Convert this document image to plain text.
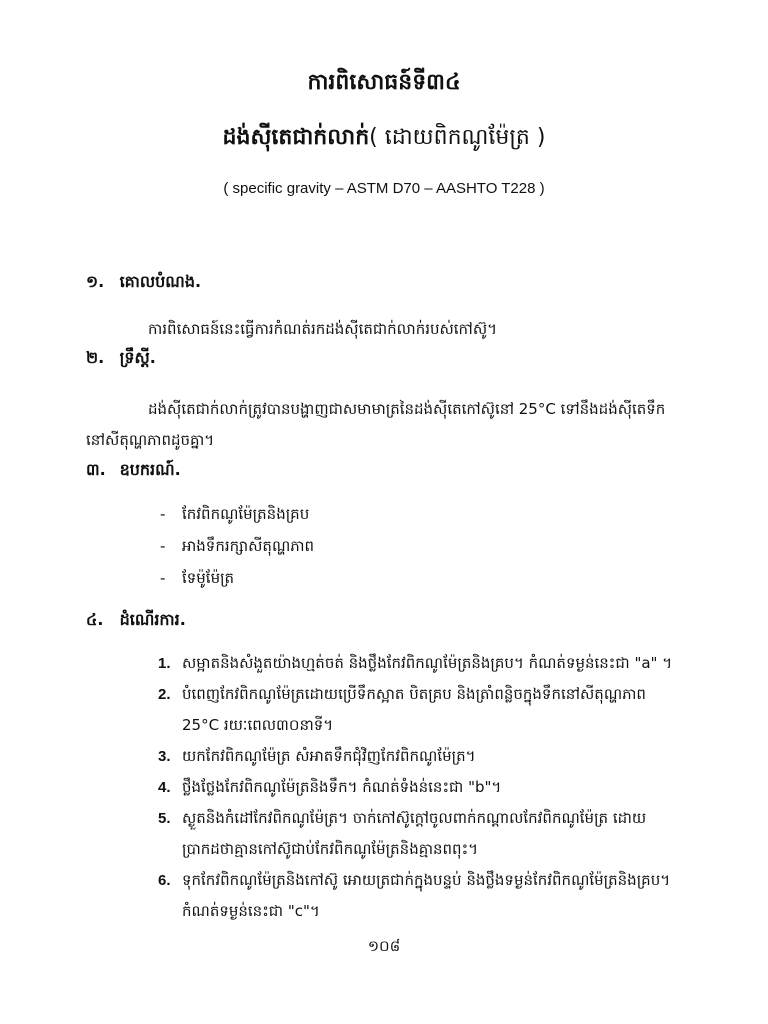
ការពិសោធន៍ទី៣៤
ដង់ស៊ីតេជាក់លាក់( ដោយពិកណូម៉ែត្រ )
( specific gravity – ASTM D70 – AASHTO T228 )
១. គោលបំណង.
ការពិសោធន៍នេះធ្វើការកំណត់រកដង់ស៊ីតេជាក់លាក់របស់កៅស៊ូ។
២. ទ្រឹស្តី.
ដង់ស៊ីតេជាក់លាក់ត្រូវបានបង្ហាញជាសមាមាត្រនៃដង់ស៊ីតេកៅស៊ូនៅ 25°C ទៅនឹងដង់ស៊ីតេទឹកនៅសីតុណ្ហភាពដូចគ្នា។
៣. ឧបករណ៍.
- កែវពិកណូម៉ែត្រនិងគ្រប
- អាងទឹករក្សាសីតុណ្ហភាព
- ទែម៉ូម៉ែត្រ
៤. ដំណើរការ.
1. សម្អាតនិងសំងួតយ៉ាងហ្មត់ចត់ និងថ្លឹងកែវពិកណូម៉ែត្រនិងគ្រប។ កំណត់ទម្ងន់នេះជា "a" ។
2. បំពេញកែវពិកណូម៉ែត្រដោយប្រើទឹកស្អាត បិតគ្រប និងត្រាំពន្លិចក្នុងទឹកនៅសីតុណ្ហភាព 25°C រយៈពេល៣០នាទី។
3. យកកែវពិកណូម៉ែត្រ សំអាតទឹកជុំវិញកែវពិកណូម៉ែត្រ។
4. ថ្លឹងថ្លែងកែវពិកណូម៉ែត្រនិងទឹក។ កំណត់ទំងន់នេះជា "b"។
5. ស្ងួតនិងកំដៅកែវពិកណូម៉ែត្រ។ ចាក់កៅស៊ូក្តៅចូលពាក់កណ្តាលកែវពិកណូម៉ែត្រ ដោយប្រាកដថាគ្មានកៅស៊ូជាប់កែវពិកណូម៉ែត្រនិងគ្មានពពុះ។
6. ទុកកែវពិកណូម៉ែត្រនិងកៅស៊ូ អោយត្រជាក់ក្នុងបន្ទប់ និងថ្លឹងទម្ងន់កែវពិកណូម៉ែត្រនិងគ្រប។ កំណត់ទម្ងន់នេះជា "c"។
១០៨
